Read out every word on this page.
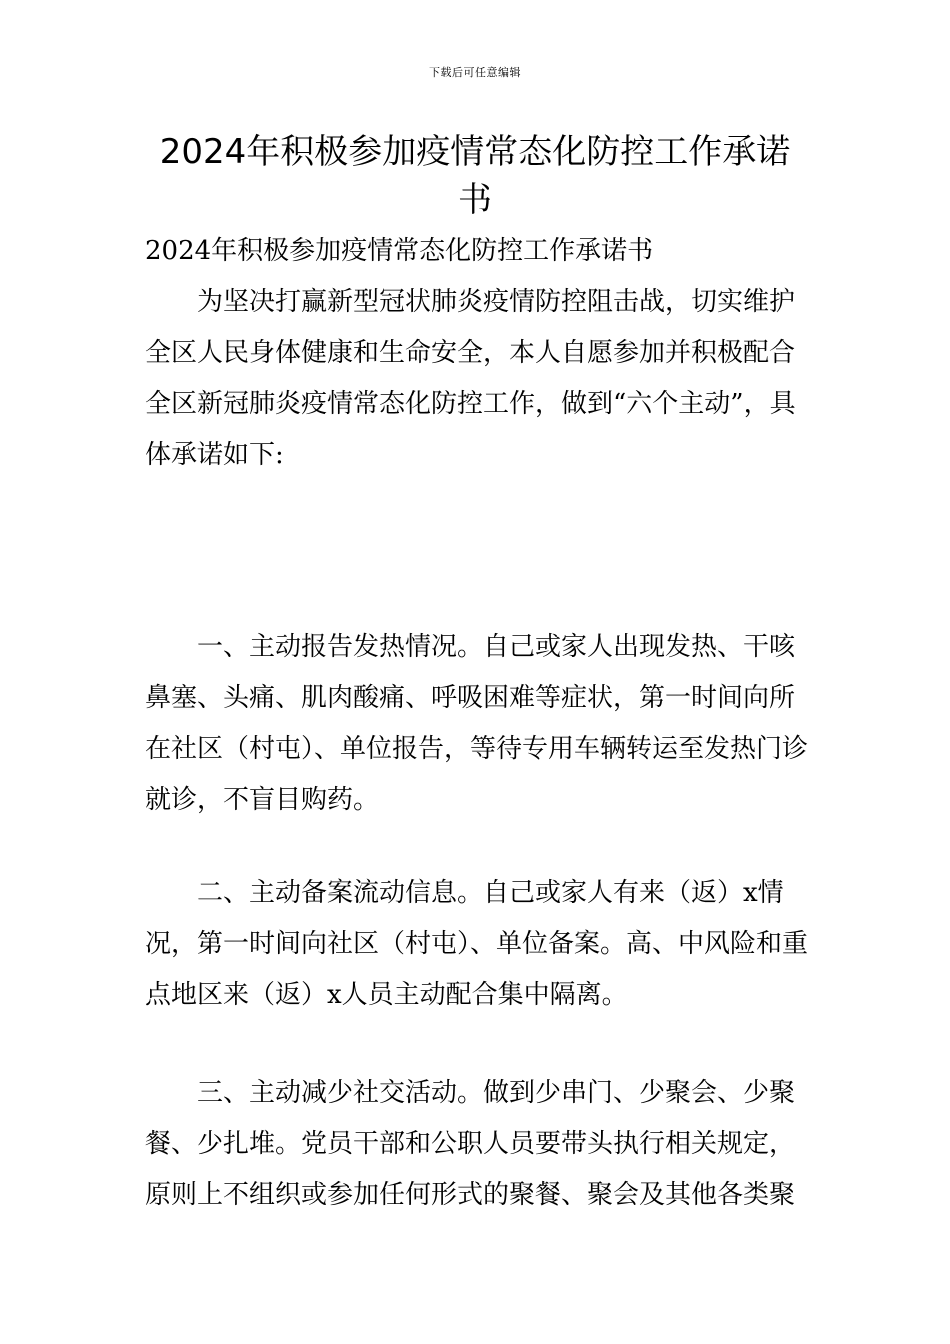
下载后可任意编辑
2024年积极参加疫情常态化防控工作承诺书
2024年积极参加疫情常态化防控工作承诺书

为坚决打赢新型冠状肺炎疫情防控阻击战，切实维护全区人民身体健康和生命安全，本人自愿参加并积极配合全区新冠肺炎疫情常态化防控工作，做到“六个主动”，具体承诺如下:

一、主动报告发热情况。自己或家人出现发热、干咳鼻塞、头痛、肌肉酸痛、呼吸困难等症状，第一时间向所在社区（村屯）、单位报告，等待专用车辆转运至发热门诊就诊，不盲目购药。

二、主动备案流动信息。自己或家人有来（返）x情况，第一时间向社区（村屯）、单位备案。高、中风险和重点地区来（返）x人员主动配合集中隔离。

三、主动减少社交活动。做到少串门、少聚会、少聚餐、少扎堆。党员干部和公职人员要带头执行相关规定，原则上不组织或参加任何形式的聚餐、聚会及其他各类聚
